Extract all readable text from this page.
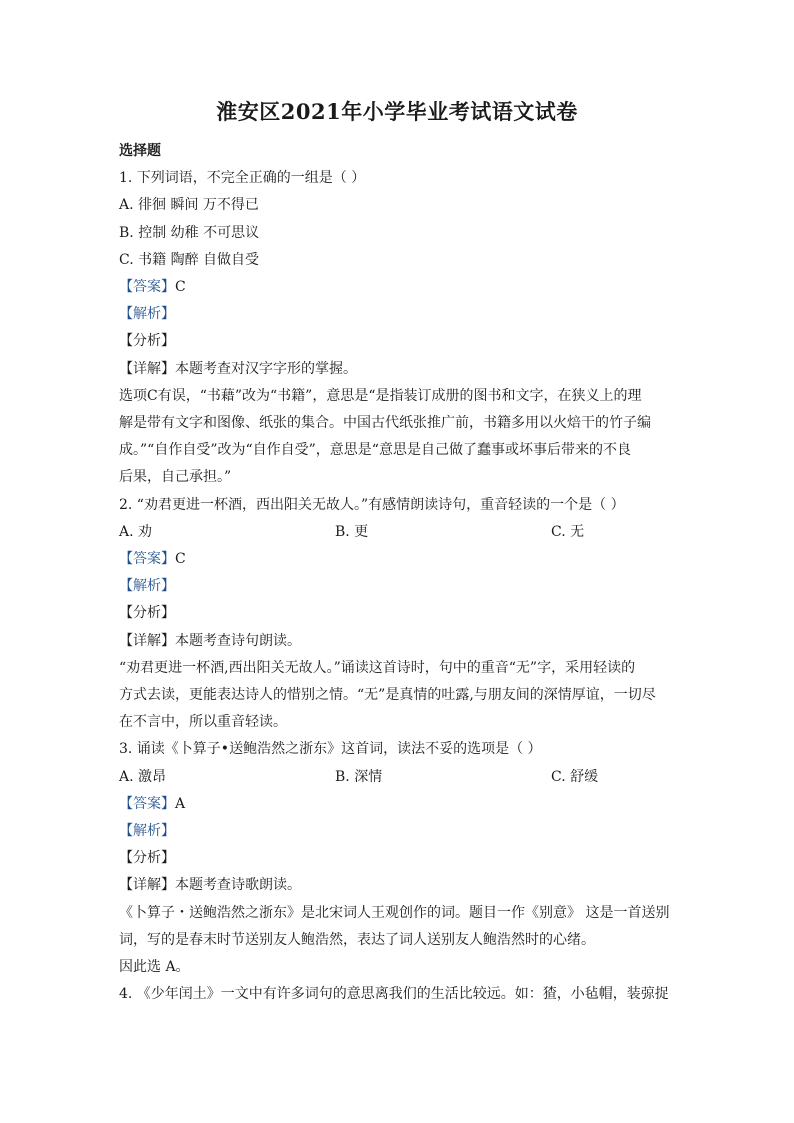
淮安区2021年小学毕业考试语文试卷
选择题
1. 下列词语，不完全正确的一组是（ ）
A. 徘徊 瞬间 万不得已
B. 控制 幼稚 不可思议
C. 书籍 陶醉 自做自受
【答案】C
【解析】
【分析】
【详解】本题考查对汉字字形的掌握。
选项C有误，“书藉”改为“书籍”，意思是“是指装订成册的图书和文字，在狭义上的理
解是带有文字和图像、纸张的集合。中国古代纸张推广前，书籍多用以火焙干的竹子编
成。”“自作自受”改为“自作自受”，意思是“意思是自己做了蠢事或坏事后带来的不良
后果，自己承担。”
2. “劝君更进一杯酒，西出阳关无故人。”有感情朗读诗句，重音轻读的一个是（ ）
A. 劝	B. 更	C. 无
【答案】C
【解析】
【分析】
【详解】本题考查诗句朗读。
“劝君更进一杯酒,西出阳关无故人。”诵读这首诗时，句中的重音“无”字，采用轻读的
方式去读，更能表达诗人的惜别之情。“无”是真情的吐露,与朋友间的深情厚谊，一切尽
在不言中，所以重音轻读。
3. 诵读《卜算子•送鲍浩然之浙东》这首词，读法不妥的选项是（ ）
A. 激昂	B. 深情	C. 舒缓
【答案】A
【解析】
【分析】
【详解】本题考查诗歌朗读。
《卜算子・送鲍浩然之浙东》是北宋词人王观创作的词。题目一作《别意》 这是一首送别
词，写的是春末时节送别友人鲍浩然，表达了词人送别友人鲍浩然时的心绪。
因此选 A。
4. 《少年闰土》一文中有许多词句的意思离我们的生活比较远。如：猹，小毡帽，装弶捉
